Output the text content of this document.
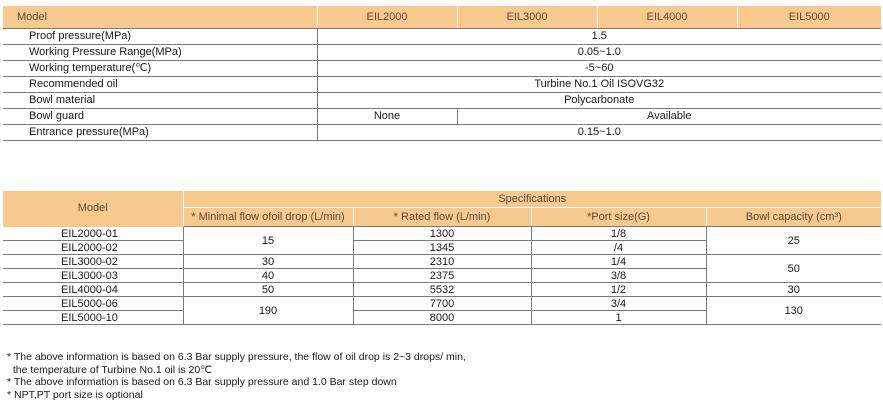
Model	EIL2000	EIL3000	EIL4000	EIL5000
Proof pressure(MPa)	1.5			
Working Pressure Range(MPa)	0.05~1.0			
Working temperature(℃)	-5~60			
Recommended oil	Turbine No.1 Oil ISOVG32			
Bowl material	Polycarbonate			
Bowl guard	None	Available		
Entrance pressure(MPa)	0.15~1.0			
Model	Specifications			
	* Minimal flow ofoil drop (L/min)	* Rated flow (L/min)	*Port size(G)	Bowl capacity (cm³)
EIL2000-01	15	1300	1/8	25
EIL2000-02		1345	/4	
EIL3000-02	30	2310	1/4	50
EIL3000-03	40	2375	3/8	
EIL4000-04	50	5532	1/2	30
EIL5000-06	190	7700	3/4	130
EIL5000-10		8000	1	

* The above information is based on 6.3 Bar supply pressure, the flow of oil drop is 2~3 drops/ min,

the temperature of Turbine No.1 oil is 20℃

* The above information is based on 6.3 Bar supply pressure and 1.0 Bar step down

* NPT,PT port size is optional
